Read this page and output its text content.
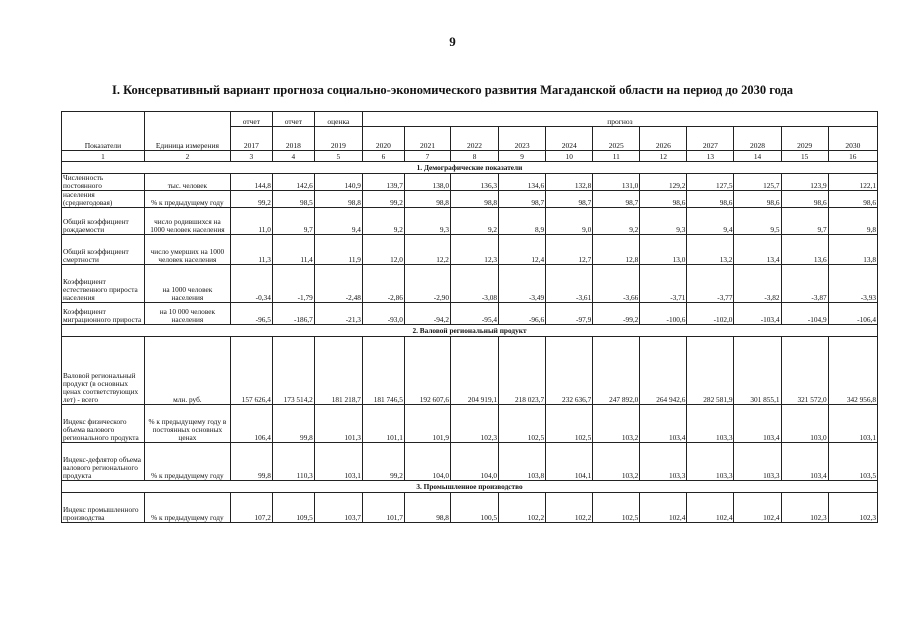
9
I. Консервативный вариант прогноза социально-экономического развития Магаданской области на период до 2030 года
Показатели	Единица измерения	отчет	отчет	оценка	прогноз										
		2017	2018	2019	2020	2021	2022	2023	2024	2025	2026	2027	2028	2029	2030
1	2	3	4	5	6	7	8	9	10	11	12	13	14	15	16
1. Демографические показатели															
Численность постоянного	тыс. человек	144,8	142,6	140,9	139,7	138,0	136,3	134,6	132,8	131,0	129,2	127,5	125,7	123,9	122,1
населения (среднегодовая)	% к предыдущему году	99,2	98,5	98,8	99,2	98,8	98,8	98,7	98,7	98,7	98,6	98,6	98,6	98,6	98,6
Общий коэффициент рождаемости	число родившихся на 1000 человек населения	11,0	9,7	9,4	9,2	9,3	9,2	8,9	9,0	9,2	9,3	9,4	9,5	9,7	9,8
Общий коэффициент смертности	число умерших на 1000 человек населения	11,3	11,4	11,9	12,0	12,2	12,3	12,4	12,7	12,8	13,0	13,2	13,4	13,6	13,8
Коэффициент естественного прироста населения	на 1000 человек населения	-0,34	-1,79	-2,48	-2,86	-2,90	-3,08	-3,49	-3,61	-3,66	-3,71	-3,77	-3,82	-3,87	-3,93
Коэффициент миграционного прироста	на 10 000 человек населения	-96,5	-186,7	-21,3	-93,0	-94,2	-95,4	-96,6	-97,9	-99,2	-100,6	-102,0	-103,4	-104,9	-106,4
2. Валовой региональный продукт															
Валовой региональный продукт (в основных ценах соответствующих лет) - всего	млн. руб.	157 626,4	173 514,2	181 218,7	181 746,5	192 607,6	204 919,1	218 023,7	232 636,7	247 892,0	264 942,6	282 581,9	301 855,1	321 572,0	342 956,8
Индекс физического объема валового регионального продукта	% к предыдущему году в постоянных основных ценах	106,4	99,8	101,3	101,1	101,9	102,3	102,5	102,5	103,2	103,4	103,3	103,4	103,0	103,1
Индекс-дефлятор объема валового регионального продукта	% к предыдущему году	99,8	110,3	103,1	99,2	104,0	104,0	103,8	104,1	103,2	103,3	103,3	103,3	103,4	103,5
3. Промышленное производство															
Индекс промышленного производства	% к предыдущему году	107,2	109,5	103,7	101,7	98,8	100,5	102,2	102,2	102,5	102,4	102,4	102,4	102,3	102,3
